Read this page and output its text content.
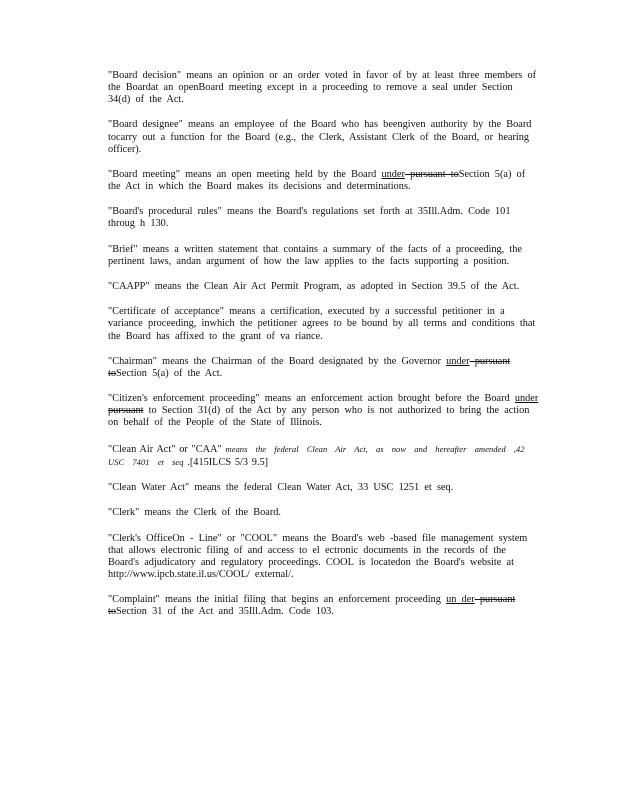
"Board decision" means an opinion or an order voted in favor of by at least three members of the Boardat an openBoard meeting except in a proceeding to remove a seal under Section 34(d) of the Act.

"Board designee" means an employee of the Board who has beengiven authority by the Board tocarry out a function for the Board (e.g., the Clerk, Assistant Clerk of the Board, or hearing officer).

"Board meeting" means an open meeting held by the Board under pursuant toSection 5(a) of the Act in which the Board makes its decisions and determinations.

"Board's procedural rules" means the Board's regulations set forth at 35Ill.Adm. Code 101 throug h 130.

"Brief" means a written statement that contains a summary of the facts of a proceeding, the pertinent laws, andan argument of how the law applies to the facts supporting a position.

"CAAPP" means the Clean Air Act Permit Program, as adopted in Section 39.5 of the Act.

"Certificate of acceptance" means a certification, executed by a successful petitioner in a variance proceeding, inwhich the petitioner agrees to be bound by all terms and conditions that the Board has affixed to the grant of va riance.

"Chairman" means the Chairman of the Board designated by the Governor under pursuant toSection 5(a) of the Act.

"Citizen's enforcement proceeding" means an enforcement action brought before the Board under pursuant to Section 31(d) of the Act by any person who is not authorized to bring the action on behalf of the People of the State of Illinois.

"Clean Air Act" or "CAA" means the federal Clean Air Act, as now and hereafter amended ,42 USC 7401 et seq .[415ILCS 5/3 9.5]

"Clean Water Act" means the federal Clean Water Act, 33 USC 1251 et seq.

"Clerk" means the Clerk of the Board.

"Clerk's OfficeOn - Line" or "COOL" means the Board's web -based file management system that allows electronic filing of and access to el ectronic documents in the records of the Board's adjudicatory and regulatory proceedings. COOL is locatedon the Board's website at http://www.ipcb.state.il.us/COOL/ external/.

"Complaint" means the initial filing that begins an enforcement proceeding un der pursuant toSection 31 of the Act and 35Ill.Adm. Code 103.
